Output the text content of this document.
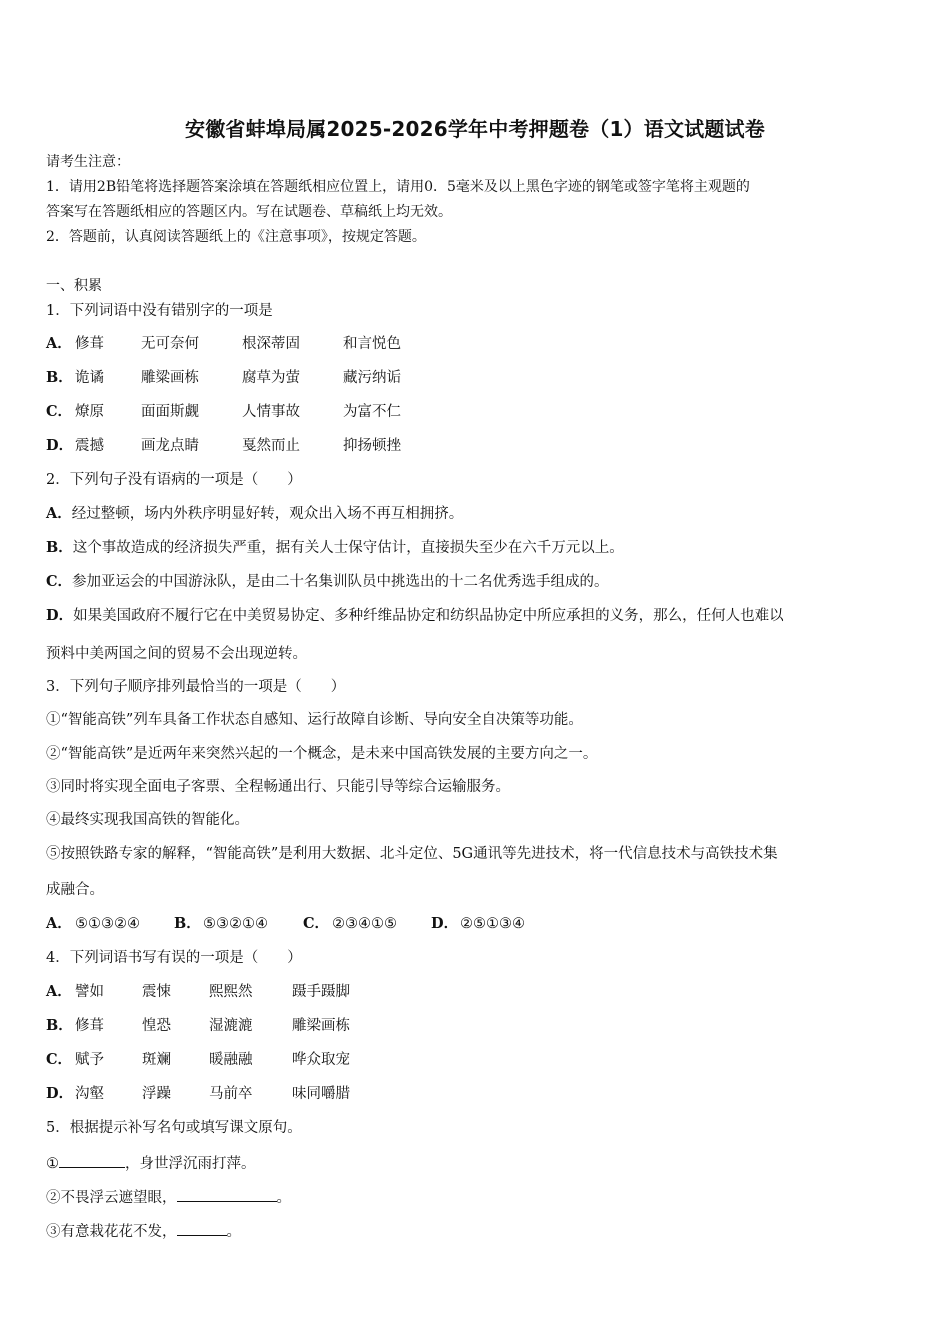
安徽省蚌埠局属2025-2026学年中考押题卷（1）语文试题试卷
请考生注意：
1．请用2B铅笔将选择题答案涂填在答题纸相应位置上，请用0．5毫米及以上黑色字迹的钢笔或签字笔将主观题的
答案写在答题纸相应的答题区内。写在试题卷、草稿纸上均无效。
2．答题前，认真阅读答题纸上的《注意事项》，按规定答题。
一、积累
1．下列词语中没有错别字的一项是
A． 修葺	无可奈何	根深蒂固	和言悦色
B． 诡谲	雕粱画栋	腐草为萤	藏污纳诟
C． 燎原	面面斯觑	人情事故	为富不仁
D． 震撼	画龙点睛	戛然而止	抑扬顿挫
2．下列句子没有语病的一项是（　　）
A．经过整顿，场内外秩序明显好转，观众出入场不再互相拥挤。
B．这个事故造成的经济损失严重，据有关人士保守估计，直接损失至少在六千万元以上。
C．参加亚运会的中国游泳队，是由二十名集训队员中挑选出的十二名优秀选手组成的。
D．如果美国政府不履行它在中美贸易协定、多种纤维品协定和纺织品协定中所应承担的义务，那么，任何人也难以
预料中美两国之间的贸易不会出现逆转。
3．下列句子顺序排列最恰当的一项是（　　）
①“智能高铁”列车具备工作状态自感知、运行故障自诊断、导向安全自决策等功能。
②“智能高铁”是近两年来突然兴起的一个概念，是未来中国高铁发展的主要方向之一。
③同时将实现全面电子客票、全程畅通出行、只能引导等综合运输服务。
④最终实现我国高铁的智能化。
⑤按照铁路专家的解释，“智能高铁”是利用大数据、北斗定位、5G通讯等先进技术，将一代信息技术与高铁技术集
成融合。
A． ⑤①③②④ B． ⑤③②①④ C． ②③④①⑤ D． ②⑤①③④
4．下列词语书写有误的一项是（　　）
A． 譬如	震悚	熙熙然	蹑手蹑脚
B． 修葺	惶恐	湿漉漉	雕梁画栋
C． 赋予	斑斓	暖融融	哗众取宠
D． 沟壑	浮躁	马前卒	味同嚼腊
5．根据提示补写名句或填写课文原句。
①	，身世浮沉雨打萍。
②不畏浮云遮望眼，	。
③有意栽花花不发，	。
